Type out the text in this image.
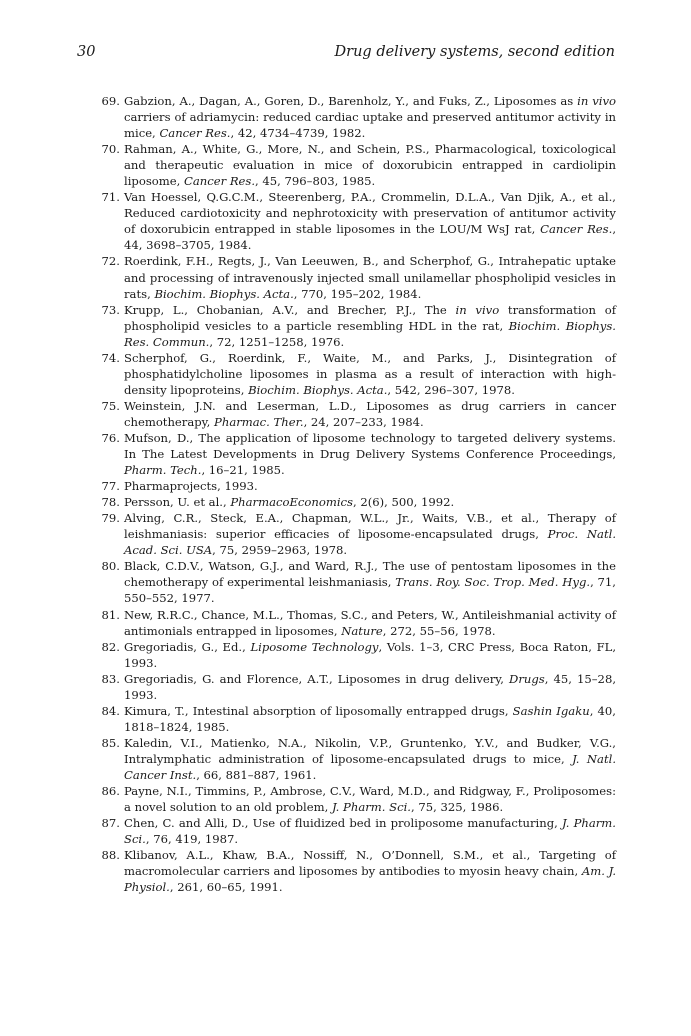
30	Drug delivery systems, second edition
69. Gabzion, A., Dagan, A., Goren, D., Barenholz, Y., and Fuks, Z., Liposomes as in vivo carriers of adriamycin: reduced cardiac uptake and preserved antitumor activity in mice, Cancer Res., 42, 4734–4739, 1982.
70. Rahman, A., White, G., More, N., and Schein, P.S., Pharmacological, toxicological and therapeutic evaluation in mice of doxorubicin entrapped in cardiolipin liposome, Cancer Res., 45, 796–803, 1985.
71. Van Hoessel, Q.G.C.M., Steerenberg, P.A., Crommelin, D.L.A., Van Djik, A., et al., Reduced cardiotoxicity and nephrotoxicity with preservation of antitumor activity of doxorubicin entrapped in stable liposomes in the LOU/M WsJ rat, Cancer Res., 44, 3698–3705, 1984.
72. Roerdink, F.H., Regts, J., Van Leeuwen, B., and Scherphof, G., Intrahepatic uptake and processing of intravenously injected small unilamellar phospholipid vesicles in rats, Biochim. Biophys. Acta., 770, 195–202, 1984.
73. Krupp, L., Chobanian, A.V., and Brecher, P.J., The in vivo transformation of phospholipid vesicles to a particle resembling HDL in the rat, Biochim. Biophys. Res. Commun., 72, 1251–1258, 1976.
74. Scherphof, G., Roerdink, F., Waite, M., and Parks, J., Disintegration of phosphatidylcholine liposomes in plasma as a result of interaction with high-density lipoproteins, Biochim. Biophys. Acta., 542, 296–307, 1978.
75. Weinstein, J.N. and Leserman, L.D., Liposomes as drug carriers in cancer chemotherapy, Pharmac. Ther., 24, 207–233, 1984.
76. Mufson, D., The application of liposome technology to targeted delivery systems. In The Latest Developments in Drug Delivery Systems Conference Proceedings, Pharm. Tech., 16–21, 1985.
77. Pharmaprojects, 1993.
78. Persson, U. et al., PharmacoEconomics, 2(6), 500, 1992.
79. Alving, C.R., Steck, E.A., Chapman, W.L., Jr., Waits, V.B., et al., Therapy of leishmaniasis: superior efficacies of liposome-encapsulated drugs, Proc. Natl. Acad. Sci. USA, 75, 2959–2963, 1978.
80. Black, C.D.V., Watson, G.J., and Ward, R.J., The use of pentostam liposomes in the chemotherapy of experimental leishmaniasis, Trans. Roy. Soc. Trop. Med. Hyg., 71, 550–552, 1977.
81. New, R.R.C., Chance, M.L., Thomas, S.C., and Peters, W., Antileishmanial activity of antimonials entrapped in liposomes, Nature, 272, 55–56, 1978.
82. Gregoriadis, G., Ed., Liposome Technology, Vols. 1–3, CRC Press, Boca Raton, FL, 1993.
83. Gregoriadis, G. and Florence, A.T., Liposomes in drug delivery, Drugs, 45, 15–28, 1993.
84. Kimura, T., Intestinal absorption of liposomally entrapped drugs, Sashin Igaku, 40, 1818–1824, 1985.
85. Kaledin, V.I., Matienko, N.A., Nikolin, V.P., Gruntenko, Y.V., and Budker, V.G., Intralymphatic administration of liposome-encapsulated drugs to mice, J. Natl. Cancer Inst., 66, 881–887, 1961.
86. Payne, N.I., Timmins, P., Ambrose, C.V., Ward, M.D., and Ridgway, F., Proliposomes: a novel solution to an old problem, J. Pharm. Sci., 75, 325, 1986.
87. Chen, C. and Alli, D., Use of fluidized bed in proliposome manufacturing, J. Pharm. Sci., 76, 419, 1987.
88. Klibanov, A.L., Khaw, B.A., Nossiff, N., O’Donnell, S.M., et al., Targeting of macromolecular carriers and liposomes by antibodies to myosin heavy chain, Am. J. Physiol., 261, 60–65, 1991.
